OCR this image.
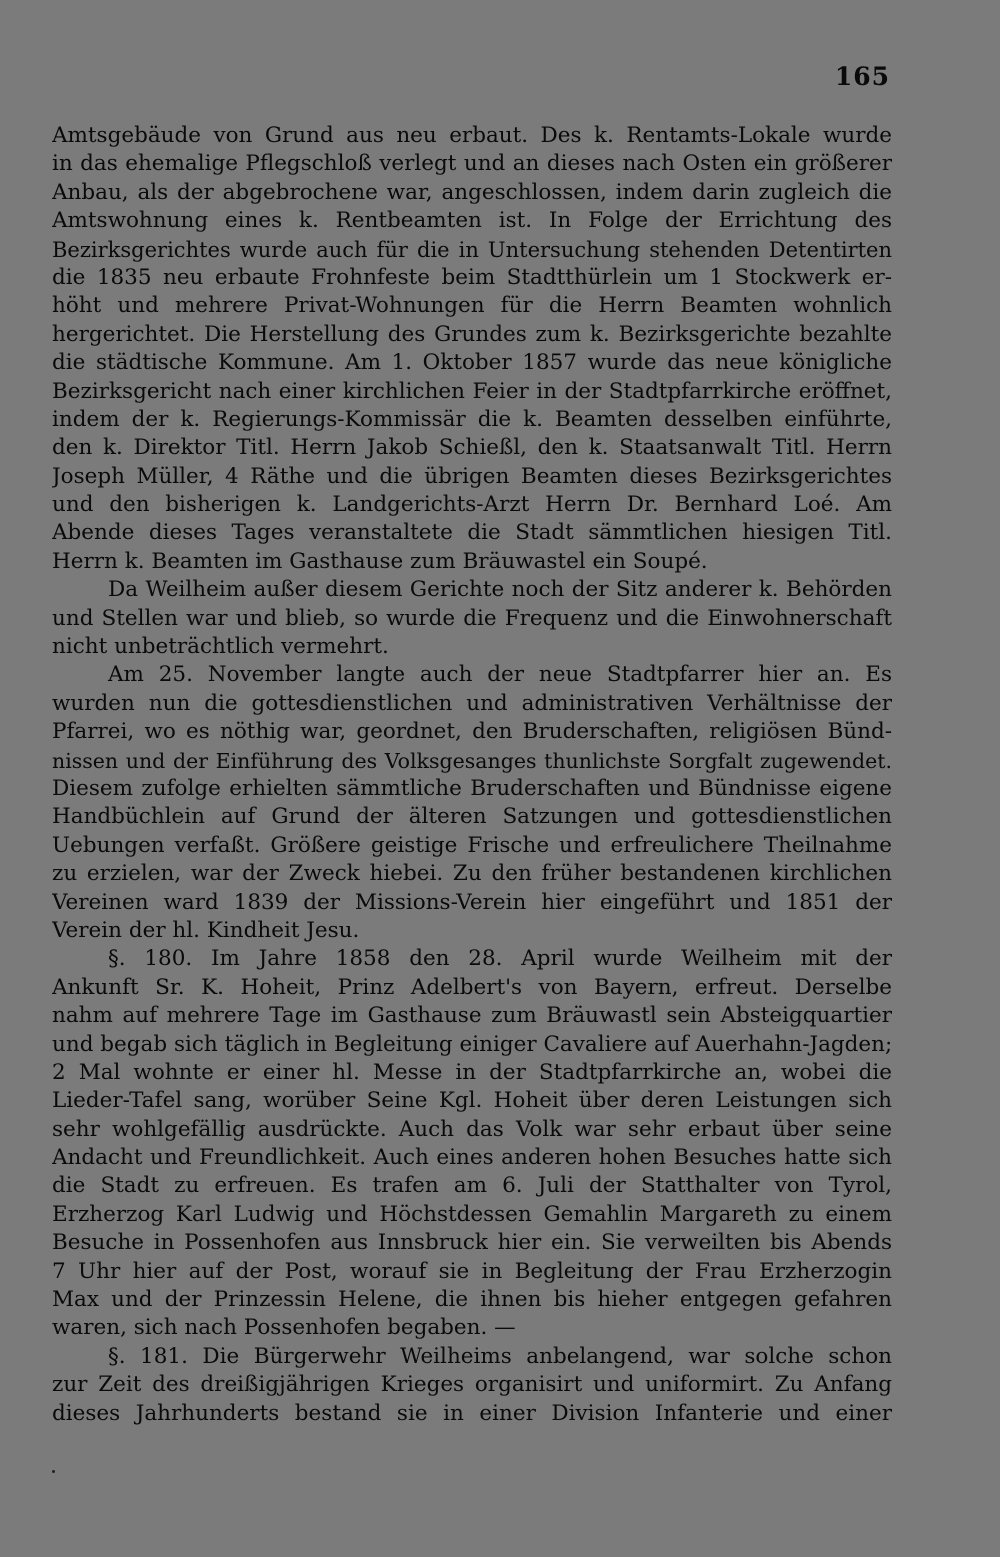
165
Amtsgebäude von Grund aus neu erbaut. Des k. Rentamts-Lokale wurde
in das ehemalige Pflegschloß verlegt und an dieses nach Osten ein größerer
Anbau, als der abgebrochene war, angeschlossen, indem darin zugleich die
Amtswohnung eines k. Rentbeamten ist. In Folge der Errichtung des
Bezirksgerichtes wurde auch für die in Untersuchung stehenden Detentirten
die 1835 neu erbaute Frohnfeste beim Stadtthürlein um 1 Stockwerk er-
höht und mehrere Privat-Wohnungen für die Herrn Beamten wohnlich
hergerichtet. Die Herstellung des Grundes zum k. Bezirksgerichte bezahlte
die städtische Kommune. Am 1. Oktober 1857 wurde das neue königliche
Bezirksgericht nach einer kirchlichen Feier in der Stadtpfarrkirche eröffnet,
indem der k. Regierungs-Kommissär die k. Beamten desselben einführte,
den k. Direktor Titl. Herrn Jakob Schießl, den k. Staatsanwalt Titl. Herrn
Joseph Müller, 4 Räthe und die übrigen Beamten dieses Bezirksgerichtes
und den bisherigen k. Landgerichts-Arzt Herrn Dr. Bernhard Loé. Am
Abende dieses Tages veranstaltete die Stadt sämmtlichen hiesigen Titl.
Herrn k. Beamten im Gasthause zum Bräuwastel ein Soupé.
Da Weilheim außer diesem Gerichte noch der Sitz anderer k. Behörden
und Stellen war und blieb, so wurde die Frequenz und die Einwohnerschaft
nicht unbeträchtlich vermehrt.
Am 25. November langte auch der neue Stadtpfarrer hier an. Es
wurden nun die gottesdienstlichen und administrativen Verhältnisse der
Pfarrei, wo es nöthig war, geordnet, den Bruderschaften, religiösen Bünd-
nissen und der Einführung des Volksgesanges thunlichste Sorgfalt zugewendet.
Diesem zufolge erhielten sämmtliche Bruderschaften und Bündnisse eigene
Handbüchlein auf Grund der älteren Satzungen und gottesdienstlichen
Uebungen verfaßt. Größere geistige Frische und erfreulichere Theilnahme
zu erzielen, war der Zweck hiebei. Zu den früher bestandenen kirchlichen
Vereinen ward 1839 der Missions-Verein hier eingeführt und 1851 der
Verein der hl. Kindheit Jesu.
§. 180. Im Jahre 1858 den 28. April wurde Weilheim mit der
Ankunft Sr. K. Hoheit, Prinz Adelbert's von Bayern, erfreut. Derselbe
nahm auf mehrere Tage im Gasthause zum Bräuwastl sein Absteigquartier
und begab sich täglich in Begleitung einiger Cavaliere auf Auerhahn-Jagden;
2 Mal wohnte er einer hl. Messe in der Stadtpfarrkirche an, wobei die
Lieder-Tafel sang, worüber Seine Kgl. Hoheit über deren Leistungen sich
sehr wohlgefällig ausdrückte. Auch das Volk war sehr erbaut über seine
Andacht und Freundlichkeit. Auch eines anderen hohen Besuches hatte sich
die Stadt zu erfreuen. Es trafen am 6. Juli der Statthalter von Tyrol,
Erzherzog Karl Ludwig und Höchstdessen Gemahlin Margareth zu einem
Besuche in Possenhofen aus Innsbruck hier ein. Sie verweilten bis Abends
7 Uhr hier auf der Post, worauf sie in Begleitung der Frau Erzherzogin
Max und der Prinzessin Helene, die ihnen bis hieher entgegen gefahren
waren, sich nach Possenhofen begaben. —
§. 181. Die Bürgerwehr Weilheims anbelangend, war solche schon
zur Zeit des dreißigjährigen Krieges organisirt und uniformirt. Zu Anfang
dieses Jahrhunderts bestand sie in einer Division Infanterie und einer
